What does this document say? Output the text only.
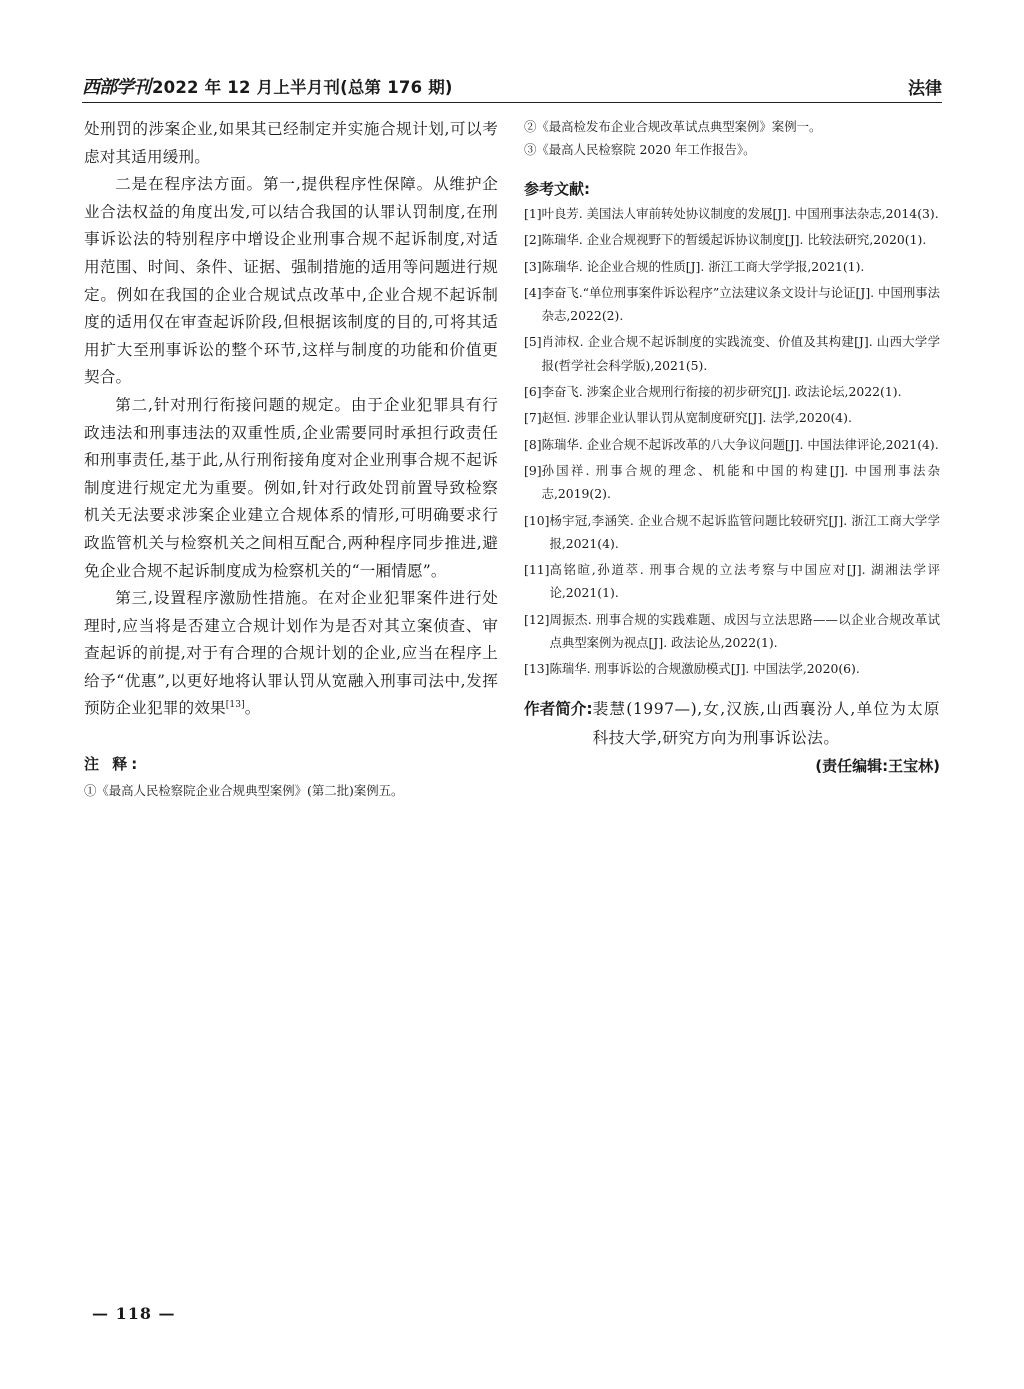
西部学刊 2022 年 12 月上半月刊(总第 176 期)	法律

处刑罚的涉案企业,如果其已经制定并实施合规计划,可以考虑对其适用缓刑。

二是在程序法方面。第一,提供程序性保障。从维护企业合法权益的角度出发,可以结合我国的认罪认罚制度,在刑事诉讼法的特别程序中增设企业刑事合规不起诉制度,对适用范围、时间、条件、证据、强制措施的适用等问题进行规定。例如在我国的企业合规试点改革中,企业合规不起诉制度的适用仅在审查起诉阶段,但根据该制度的目的,可将其适用扩大至刑事诉讼的整个环节,这样与制度的功能和价值更契合。

第二,针对刑行衔接问题的规定。由于企业犯罪具有行政违法和刑事违法的双重性质,企业需要同时承担行政责任和刑事责任,基于此,从行刑衔接角度对企业刑事合规不起诉制度进行规定尤为重要。例如,针对行政处罚前置导致检察机关无法要求涉案企业建立合规体系的情形,可明确要求行政监管机关与检察机关之间相互配合,两种程序同步推进,避免企业合规不起诉制度成为检察机关的“一厢情愿”。

第三,设置程序激励性措施。在对企业犯罪案件进行处理时,应当将是否建立合规计划作为是否对其立案侦查、审查起诉的前提,对于有合理的合规计划的企业,应当在程序上给予“优惠”,以更好地将认罪认罚从宽融入刑事司法中,发挥预防企业犯罪的效果[13]。

注 释:

①《最高人民检察院企业合规典型案例》(第二批)案例五。

②《最高检发布企业合规改革试点典型案例》案例一。

③《最高人民检察院 2020 年工作报告》。

参考文献:
[1] 叶良芳. 美国法人审前转处协议制度的发展[J]. 中国刑事法杂志,2014(3).
[2] 陈瑞华. 企业合规视野下的暂缓起诉协议制度[J]. 比较法研究,2020(1).
[3] 陈瑞华. 论企业合规的性质[J]. 浙江工商大学学报,2021(1).
[4] 李奋飞.“单位刑事案件诉讼程序”立法建议条文设计与论证[J]. 中国刑事法杂志,2022(2).
[5] 肖沛权. 企业合规不起诉制度的实践流变、价值及其构建[J]. 山西大学学报(哲学社会科学版),2021(5).
[6] 李奋飞. 涉案企业合规刑行衔接的初步研究[J]. 政法论坛,2022(1).
[7] 赵恒. 涉罪企业认罪认罚从宽制度研究[J]. 法学,2020(4).
[8] 陈瑞华. 企业合规不起诉改革的八大争议问题[J]. 中国法律评论,2021(4).
[9] 孙国祥. 刑事合规的理念、机能和中国的构建[J]. 中国刑事法杂志,2019(2).
[10] 杨宇冠,李涵笑. 企业合规不起诉监管问题比较研究[J]. 浙江工商大学学报,2021(4).
[11] 高铭暄,孙道萃. 刑事合规的立法考察与中国应对[J]. 湖湘法学评论,2021(1).
[12] 周振杰. 刑事合规的实践难题、成因与立法思路——以企业合规改革试点典型案例为视点[J]. 政法论丛,2022(1).
[13] 陈瑞华. 刑事诉讼的合规激励模式[J]. 中国法学,2020(6).
作者简介: 裴慧(1997—),女,汉族,山西襄汾人,单位为太原科技大学,研究方向为刑事诉讼法。
(责任编辑:王宝林)
— 118 —
